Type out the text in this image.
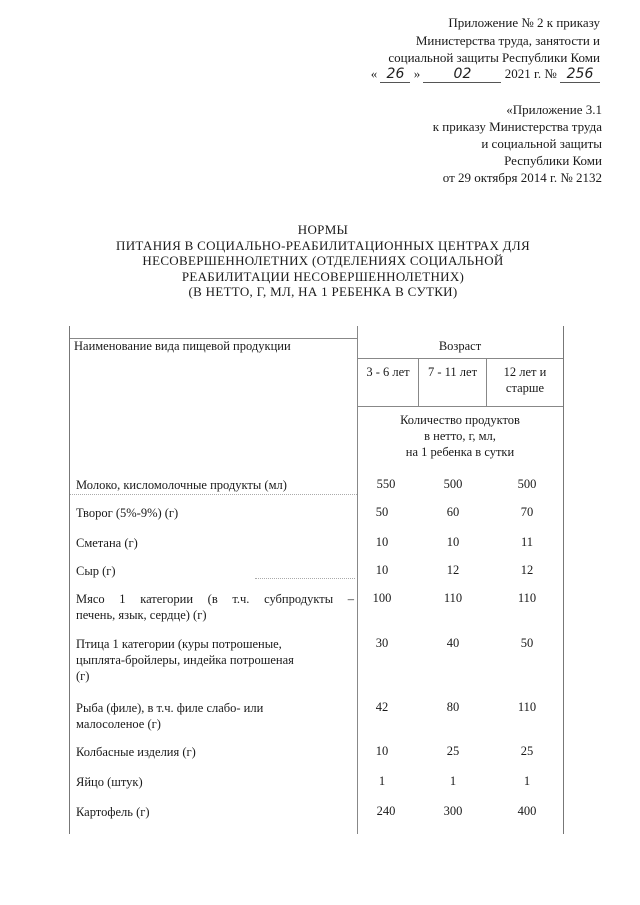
Приложение № 2 к приказу
Министерства труда, занятости и
социальной защиты Республики Коми
« 26 » 02	2021 г. № 256
«Приложение 3.1
к приказу Министерства труда
и социальной защиты
Республики Коми
от 29 октября 2014 г. № 2132
НОРМЫ
ПИТАНИЯ В СОЦИАЛЬНО-РЕАБИЛИТАЦИОННЫХ ЦЕНТРАХ ДЛЯ
НЕСОВЕРШЕННОЛЕТНИХ (ОТДЕЛЕНИЯХ СОЦИАЛЬНОЙ
РЕАБИЛИТАЦИИ НЕСОВЕРШЕННОЛЕТНИХ)
(В НЕТТО, Г, МЛ, НА 1 РЕБЕНКА В СУТКИ)
Наименование вида пищевой продукции	Возраст
3 - 6 лет	7 - 11 лет	12 лет и
старше
Количество продуктов
в нетто, г, мл,
на 1 ребенка в сутки
Молоко, кисломолочные продукты (мл)	550	500	500
Творог (5%-9%) (г)	50	60	70
Сметана (г)	10	10	11
Сыр (г)	10	12	12
Мясо 1 категории (в т.ч. субпродукты –
печень, язык, сердце) (г)
100	110	110
Птица 1 категории (куры потрошеные,
цыплята-бройлеры, индейка потрошеная
(г)
30	40	50
Рыба (филе), в т.ч. филе слабо- или
малосоленое (г)
42	80	110
Колбасные изделия (г)	10	25	25
Яйцо (штук)	1	1	1
Картофель (г)	240	300	400
